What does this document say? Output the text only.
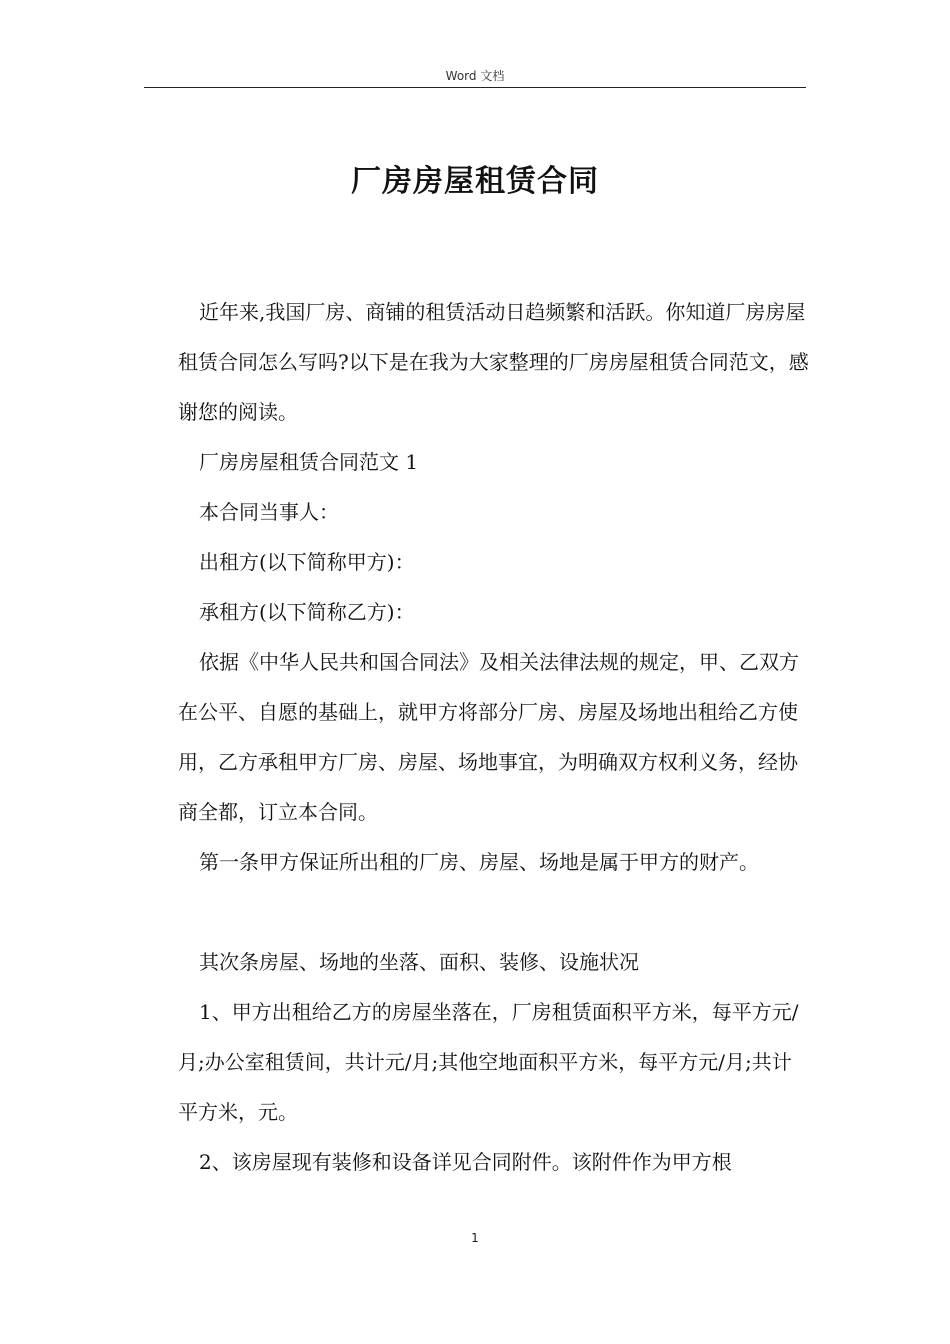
Word 文档
厂房房屋租赁合同

近年来,我国厂房、商铺的租赁活动日趋频繁和活跃。你知道厂房房屋租赁合同怎么写吗?以下是在我为大家整理的厂房房屋租赁合同范文，感谢您的阅读。

厂房房屋租赁合同范文 1

本合同当事人：

出租方(以下简称甲方)：

承租方(以下简称乙方)：

依据《中华人民共和国合同法》及相关法律法规的规定，甲、乙双方在公平、自愿的基础上，就甲方将部分厂房、房屋及场地出租给乙方使用，乙方承租甲方厂房、房屋、场地事宜，为明确双方权利义务，经协商全都，订立本合同。

第一条甲方保证所出租的厂房、房屋、场地是属于甲方的财产。

其次条房屋、场地的坐落、面积、装修、设施状况

1、甲方出租给乙方的房屋坐落在，厂房租赁面积平方米，每平方元/月;办公室租赁间，共计元/月;其他空地面积平方米，每平方元/月;共计平方米，元。

2、该房屋现有装修和设备详见合同附件。该附件作为甲方根

1
